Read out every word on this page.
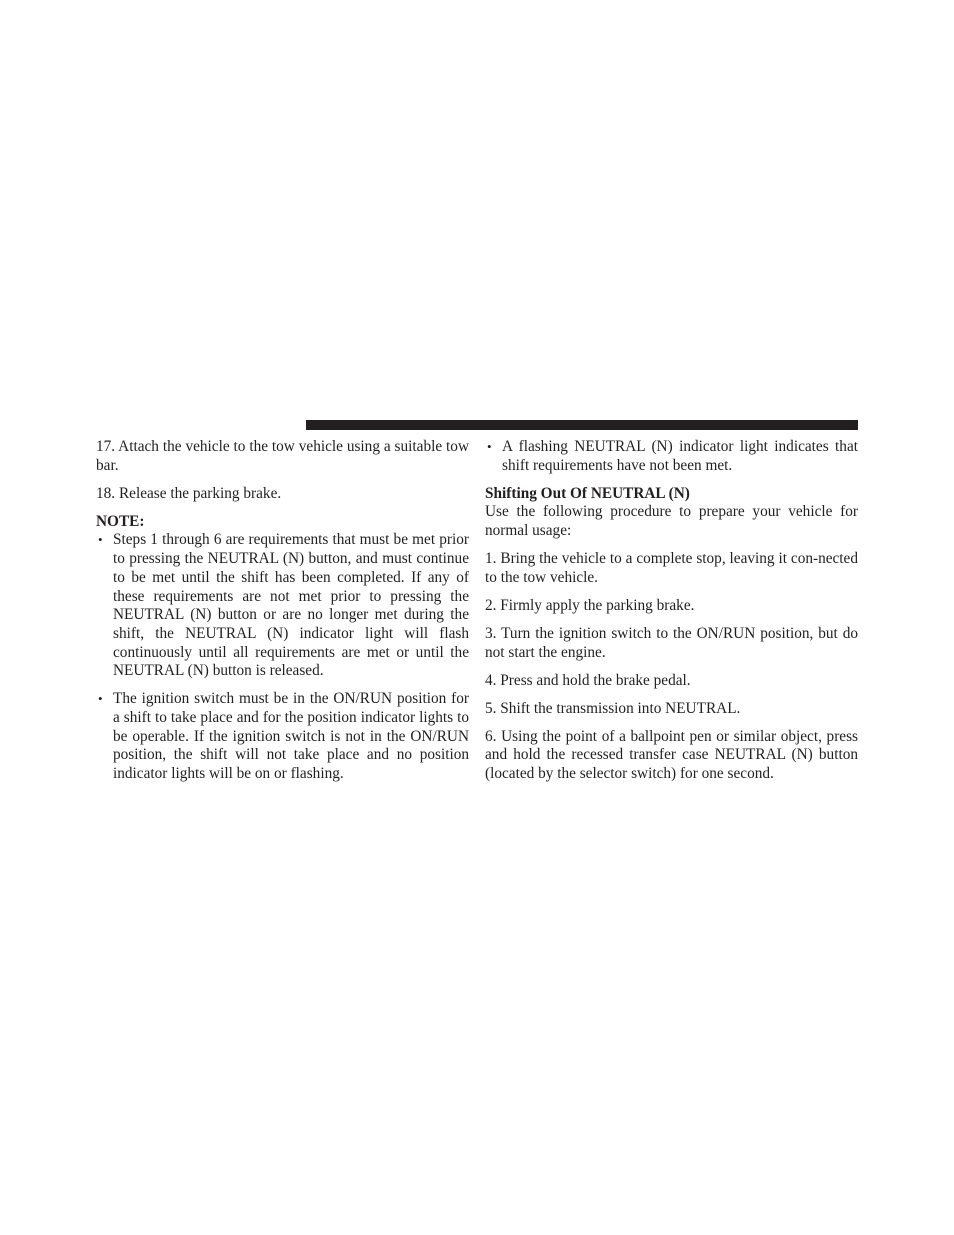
17. Attach the vehicle to the tow vehicle using a suitable tow bar.

18. Release the parking brake.

NOTE:

• Steps 1 through 6 are requirements that must be met prior to pressing the NEUTRAL (N) button, and must continue to be met until the shift has been completed. If any of these requirements are not met prior to pressing the NEUTRAL (N) button or are no longer met during the shift, the NEUTRAL (N) indicator light will flash continuously until all requirements are met or until the NEUTRAL (N) button is released.
• The ignition switch must be in the ON/RUN position for a shift to take place and for the position indicator lights to be operable. If the ignition switch is not in the ON/RUN position, the shift will not take place and no position indicator lights will be on or flashing.
• A flashing NEUTRAL (N) indicator light indicates that shift requirements have not been met.

Shifting Out Of NEUTRAL (N)

Use the following procedure to prepare your vehicle for normal usage:

1. Bring the vehicle to a complete stop, leaving it con-nected to the tow vehicle.

2. Firmly apply the parking brake.

3. Turn the ignition switch to the ON/RUN position, but do not start the engine.

4. Press and hold the brake pedal.

5. Shift the transmission into NEUTRAL.

6. Using the point of a ballpoint pen or similar object, press and hold the recessed transfer case NEUTRAL (N) button (located by the selector switch) for one second.
